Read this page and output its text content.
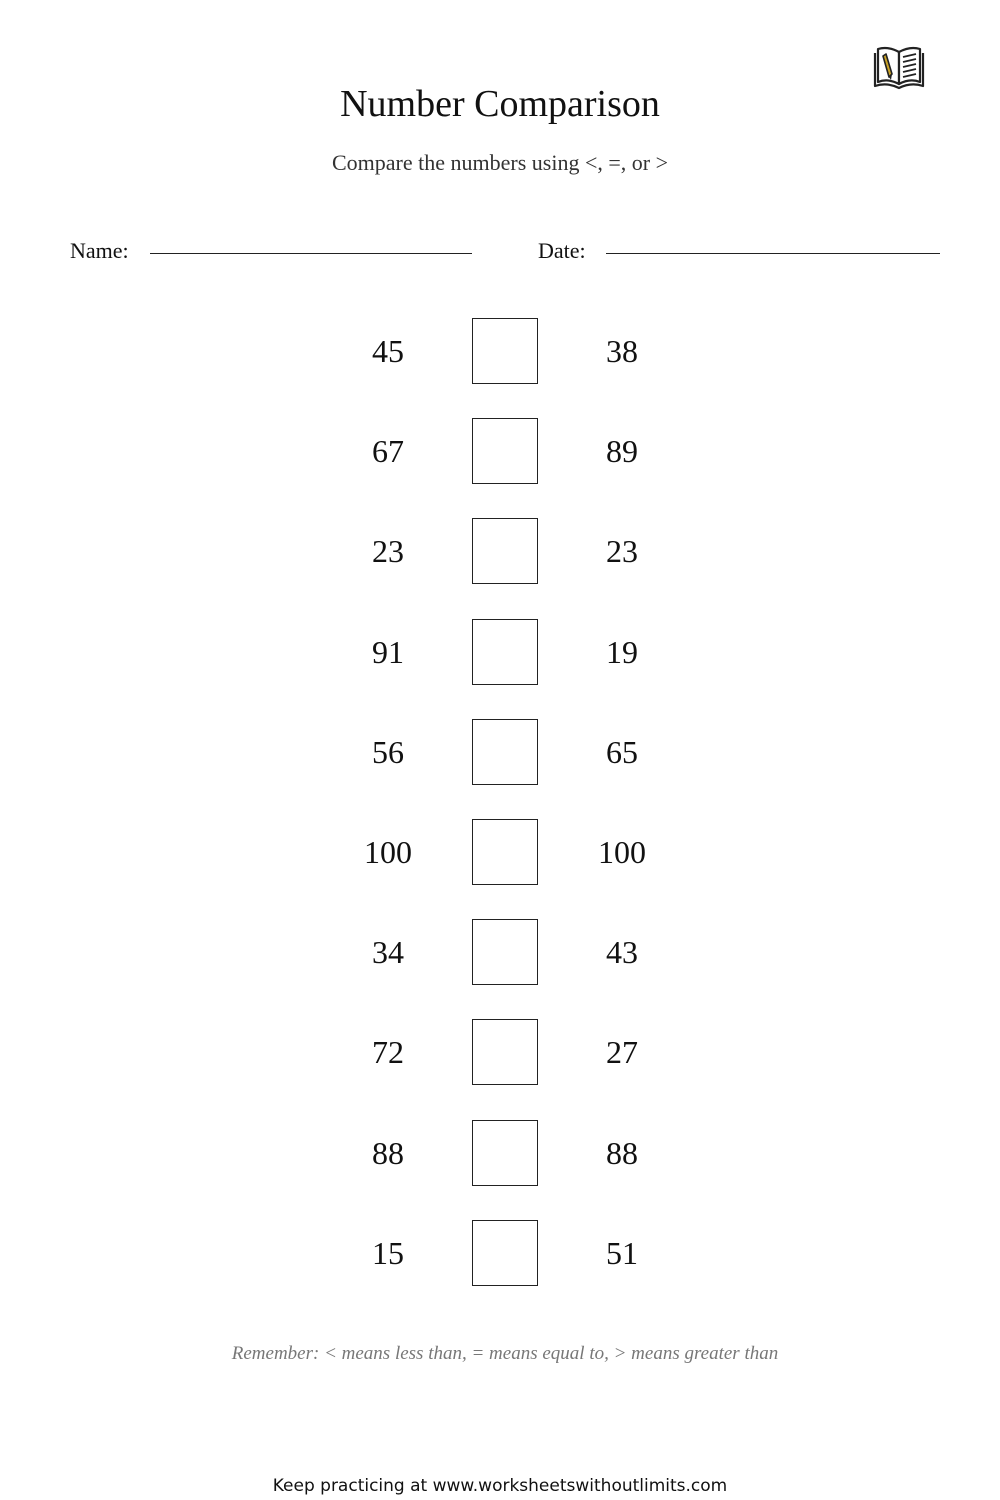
Number Comparison
Compare the numbers using <, =, or >
Name:	Date:
45	38
67	89
23	23
91	19
56	65
100	100
34	43
72	27
88	88
15	51
Remember: < means less than, = means equal to, > means greater than
Keep practicing at www.worksheetswithoutlimits.com
